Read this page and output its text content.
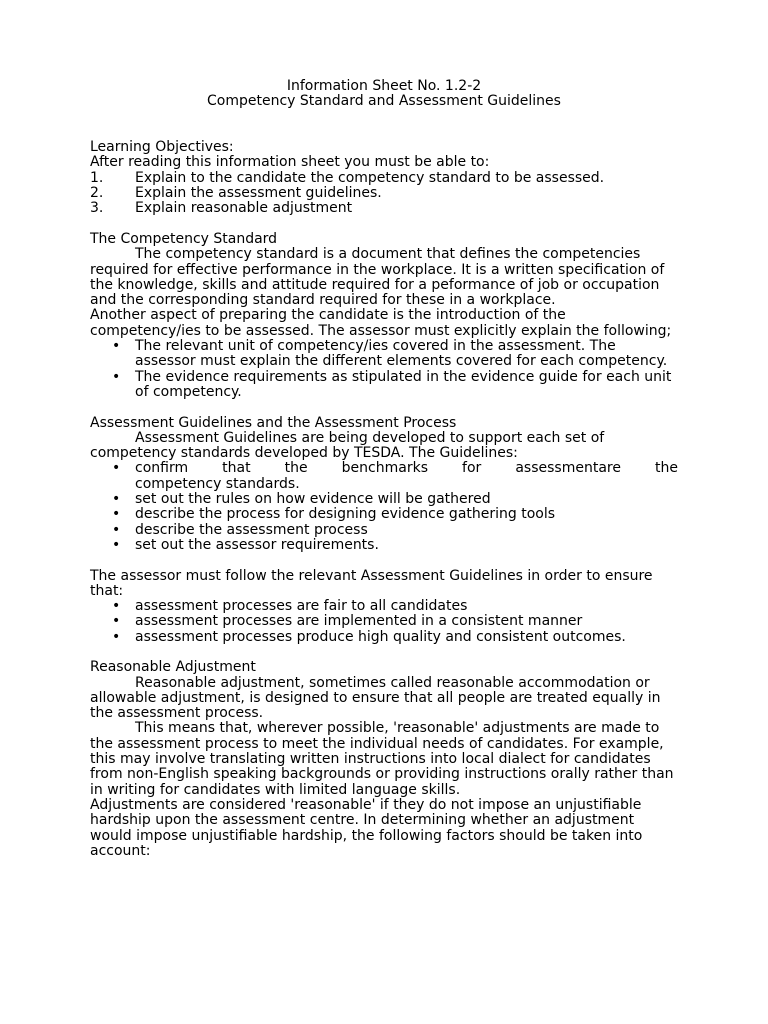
Information Sheet No. 1.2-2
Competency Standard and Assessment Guidelines
Learning Objectives:
After reading this information sheet you must be able to:
1.	Explain to the candidate the competency standard to be assessed.
2.	Explain the assessment guidelines.
3.	Explain reasonable adjustment
The Competency Standard

The competency standard is a document that defines the competencies required for effective performance in the workplace. It is a written specification of the knowledge, skills and attitude required for a peformance of job or occupation and the corresponding standard required for these in a workplace.

Another aspect of preparing the candidate is the introduction of the competency/ies to be assessed. The assessor must explicitly explain the following;

• The relevant unit of competency/ies covered in the assessment. The assessor must explain the different elements covered for each competency.
• The evidence requirements as stipulated in the evidence guide for each unit of competency.
Assessment Guidelines and the Assessment Process

Assessment Guidelines are being developed to support each set of competency standards developed by TESDA. The Guidelines:

• confirm that the benchmarks for assessmentare the
competency standards.
• set out the rules on how evidence will be gathered
• describe the process for designing evidence gathering tools
• describe the assessment process
• set out the assessor requirements.

The assessor must follow the relevant Assessment Guidelines in order to ensure that:

• assessment processes are fair to all candidates
• assessment processes are implemented in a consistent manner
• assessment processes produce high quality and consistent outcomes.
Reasonable Adjustment

Reasonable adjustment, sometimes called reasonable accommodation or allowable adjustment, is designed to ensure that all people are treated equally in the assessment process.

This means that, wherever possible, 'reasonable' adjustments are made to the assessment process to meet the individual needs of candidates. For example, this may involve translating written instructions into local dialect for candidates from non-English speaking backgrounds or providing instructions orally rather than in writing for candidates with limited language skills.

Adjustments are considered 'reasonable' if they do not impose an unjustifiable hardship upon the assessment centre. In determining whether an adjustment would impose unjustifiable hardship, the following factors should be taken into account:
